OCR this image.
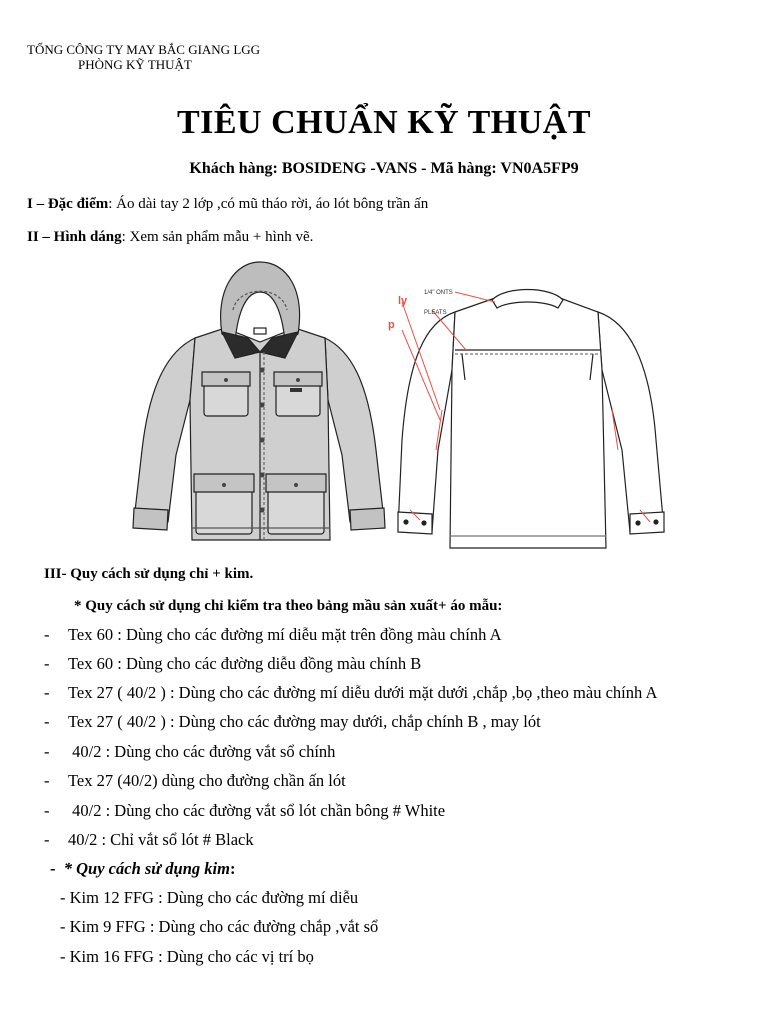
TỔNG CÔNG TY MAY BẮC GIANG LGG
PHÒNG KỸ THUẬT
TIÊU CHUẨN KỸ THUẬT
Khách hàng: BOSIDENG -VANS - Mã hàng: VN0A5FP9
I – Đặc điểm: Áo dài tay 2 lớp ,có mũ tháo rời, áo lót bông trần ấn
II – Hình dáng: Xem sản phẩm mẫu + hình vẽ.
1/4" ONTS
PLEATS
ly
p
III- Quy cách sử dụng chỉ + kim.
* Quy cách sử dụng chỉ kiểm tra theo bảng mầu sản xuất+ áo mẫu:
- Tex 60 : Dùng cho các đường mí diễu mặt trên đồng màu chính A
- Tex 60 : Dùng cho các đường diễu đồng màu chính B
- Tex 27 ( 40/2 ) : Dùng cho các đường mí diễu dưới mặt dưới ,chắp ,bọ ,theo màu chính A
- Tex 27 ( 40/2 ) : Dùng cho các đường may dưới, chắp chính B , may lót
- 40/2 : Dùng cho các đường vắt sổ chính
- Tex 27 (40/2) dùng cho đường chần ấn lót
- 40/2 : Dùng cho các đường vắt sổ lót chần bông # White
- 40/2 : Chỉ vắt sổ lót # Black
- * Quy cách sử dụng kim:
- Kim 12 FFG : Dùng cho các đường mí diễu
- Kim 9 FFG : Dùng cho các đường chắp ,vắt sổ
- Kim 16 FFG : Dùng cho các vị trí bọ
